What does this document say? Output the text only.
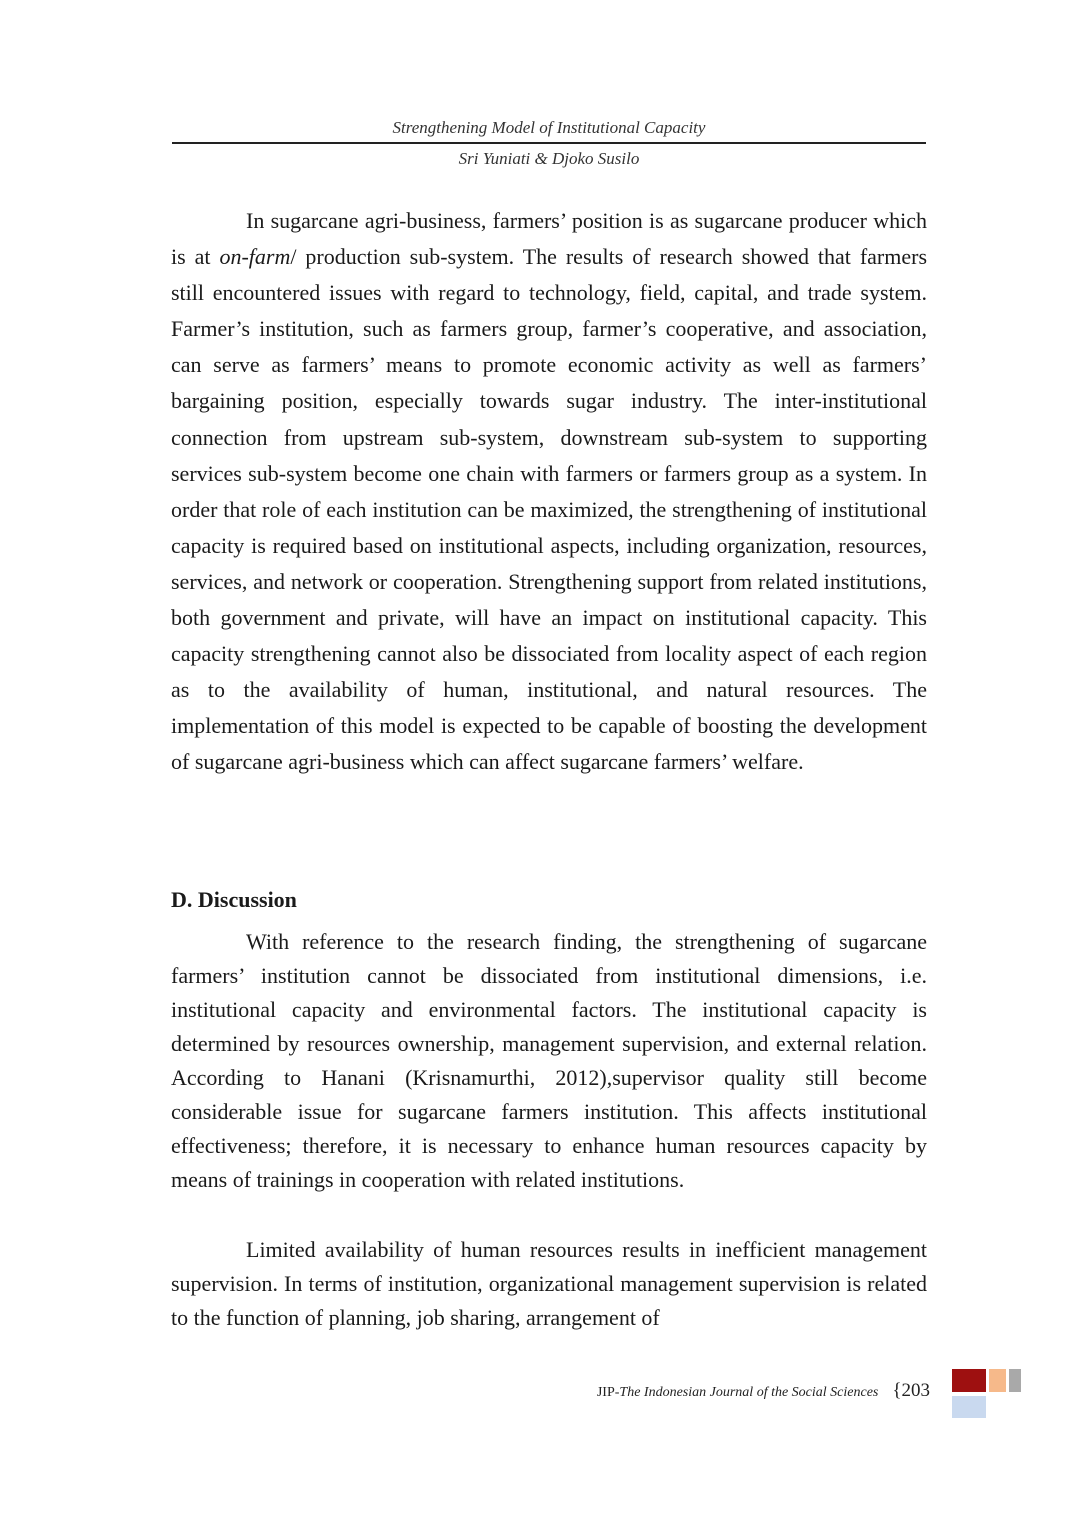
Strengthening Model of Institutional Capacity
Sri Yuniati & Djoko Susilo

In sugarcane agri-business, farmers’ position is as sugarcane producer which is at on-farm/ production sub-system. The results of research showed that farmers still encountered issues with regard to technology, field, capital, and trade system. Farmer’s institution, such as farmers group, farmer’s cooperative, and association, can serve as farmers’ means to promote economic activity as well as farmers’ bargaining position, especially towards sugar industry. The inter-institutional connection from upstream sub-system, downstream sub-system to supporting services sub-system become one chain with farmers or farmers group as a system. In order that role of each institution can be maximized, the strengthening of institutional capacity is required based on institutional aspects, including organization, resources, services, and network or cooperation. Strengthening support from related institutions, both government and private, will have an impact on institutional capacity. This capacity strengthening cannot also be dissociated from locality aspect of each region as to the availability of human, institutional, and natural resources. The implementation of this model is expected to be capable of boosting the development of sugarcane agri-business which can affect sugarcane farmers’ welfare.

D. Discussion

With reference to the research finding, the strengthening of sugarcane farmers’ institution cannot be dissociated from institutional dimensions, i.e. institutional capacity and environmental factors. The institutional capacity is determined by resources ownership, management supervision, and external relation. According to Hanani (Krisnamurthi, 2012),supervisor quality still become considerable issue for sugarcane farmers institution. This affects institutional effectiveness; therefore, it is necessary to enhance human resources capacity by means of trainings in cooperation with related institutions.

Limited availability of human resources results in inefficient management supervision. In terms of institution, organizational management supervision is related to the function of planning, job sharing, arrangement of

JIP-The Indonesian Journal of the Social Sciences {203
